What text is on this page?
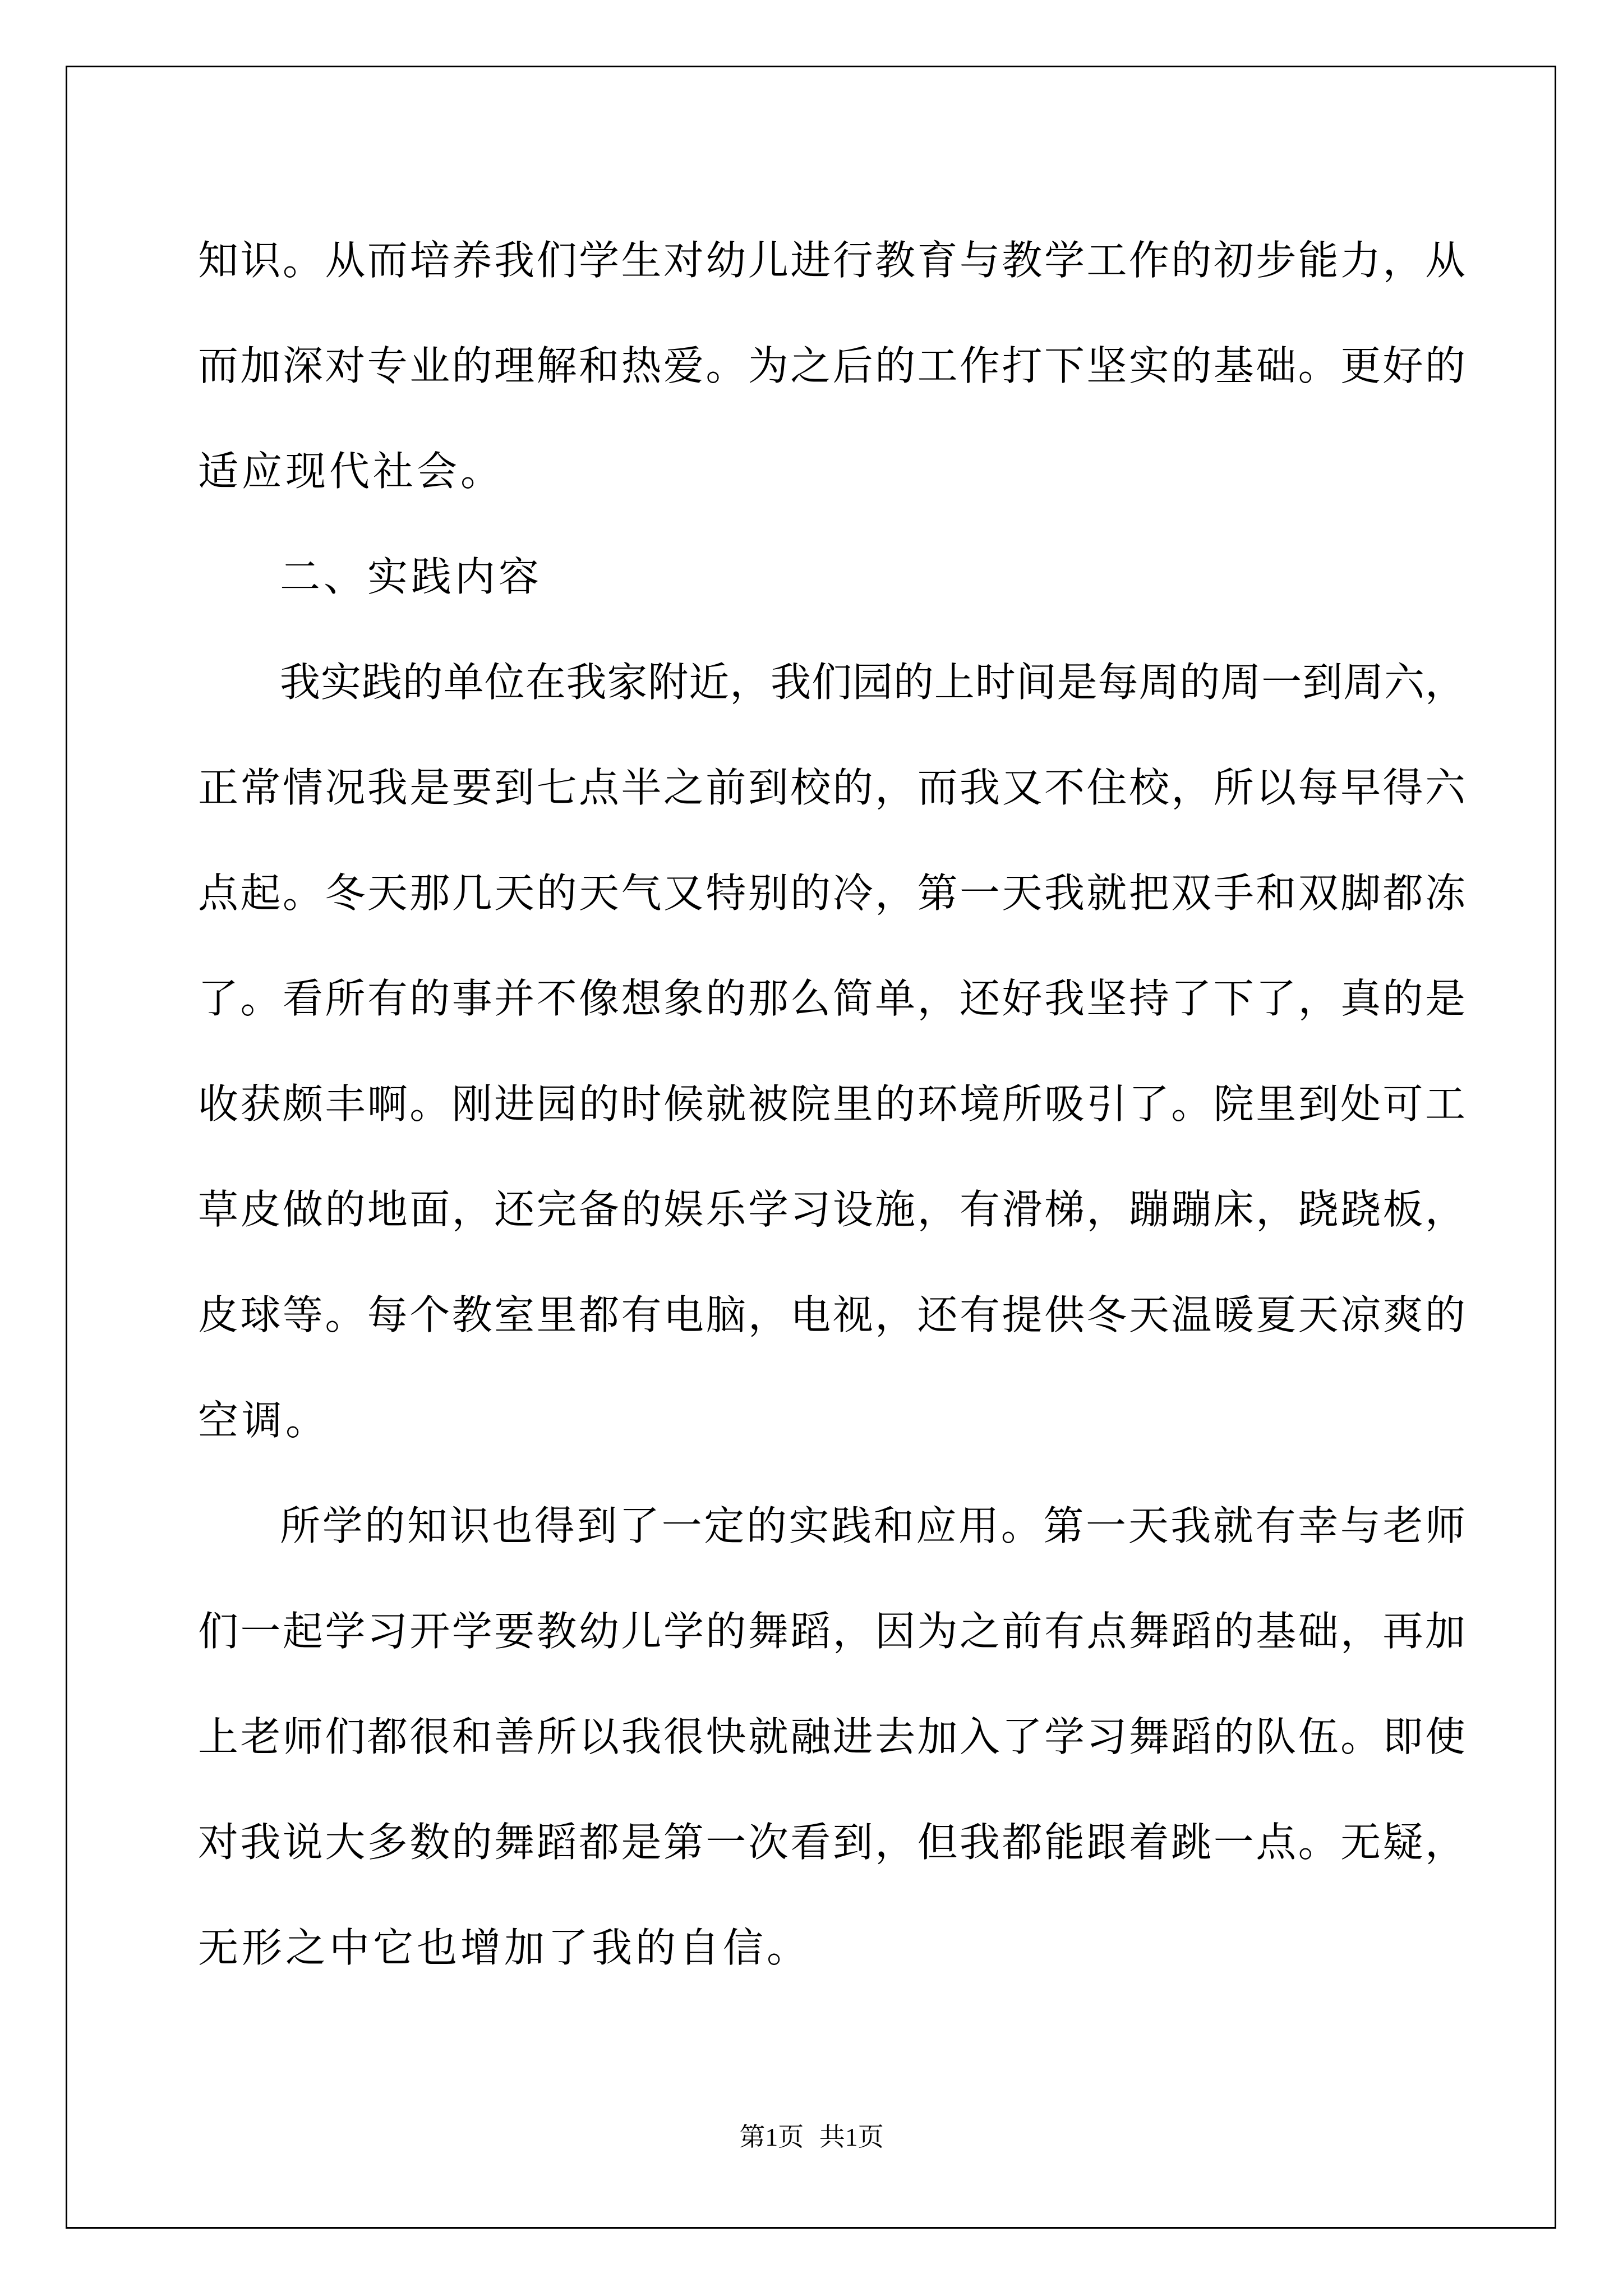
知识。从而培养我们学生对幼儿进行教育与教学工作的初步能力，从
而加深对专业的理解和热爱。为之后的工作打下坚实的基础。更好的
适应现代社会。
二、实践内容
我实践的单位在我家附近，我们园的上时间是每周的周一到周六，
正常情况我是要到七点半之前到校的，而我又不住校，所以每早得六
点起。冬天那几天的天气又特别的冷，第一天我就把双手和双脚都冻
了。看所有的事并不像想象的那么简单，还好我坚持了下了，真的是
收获颇丰啊。刚进园的时候就被院里的环境所吸引了。院里到处可工
草皮做的地面，还完备的娱乐学习设施，有滑梯，蹦蹦床，跷跷板，
皮球等。每个教室里都有电脑，电视，还有提供冬天温暖夏天凉爽的
空调。
所学的知识也得到了一定的实践和应用。第一天我就有幸与老师
们一起学习开学要教幼儿学的舞蹈，因为之前有点舞蹈的基础，再加
上老师们都很和善所以我很快就融进去加入了学习舞蹈的队伍。即使
对我说大多数的舞蹈都是第一次看到，但我都能跟着跳一点。无疑，
无形之中它也增加了我的自信。
第1页 共1页
